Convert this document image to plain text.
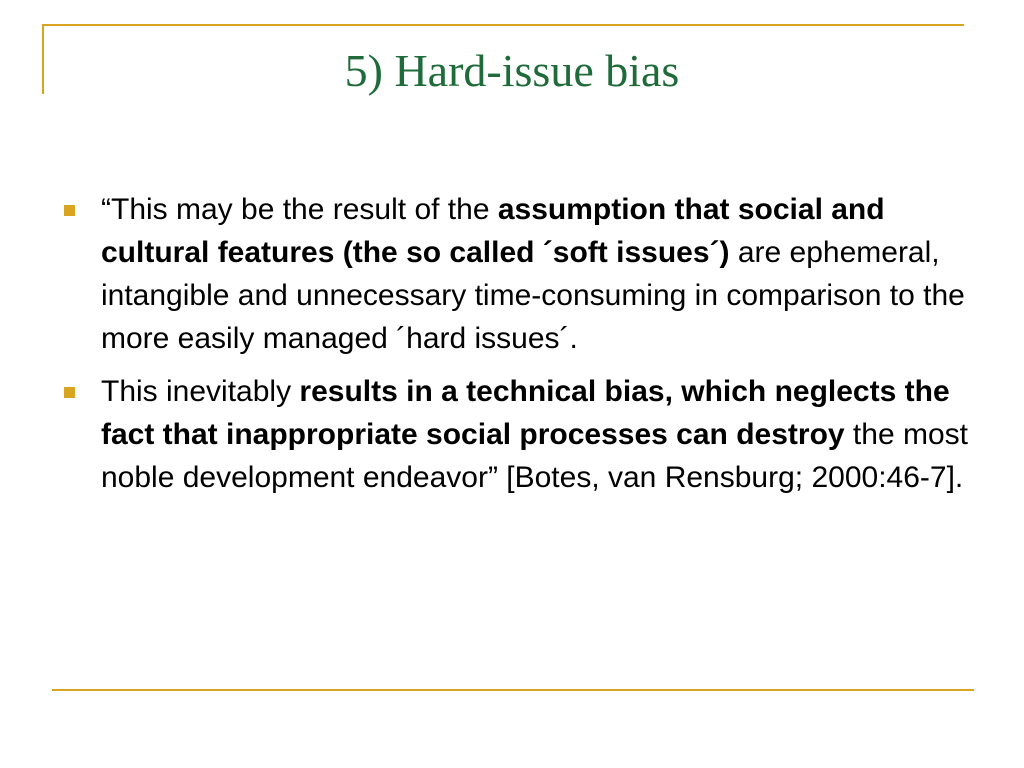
5) Hard-issue bias
“This may be the result of the assumption that social and cultural features (the so called ´soft issues´) are ephemeral, intangible and unnecessary time-consuming in comparison to the more easily managed ´hard issues´.
This inevitably results in a technical bias, which neglects the fact that inappropriate social processes can destroy the most noble development endeavor” [Botes, van Rensburg; 2000:46-7].
